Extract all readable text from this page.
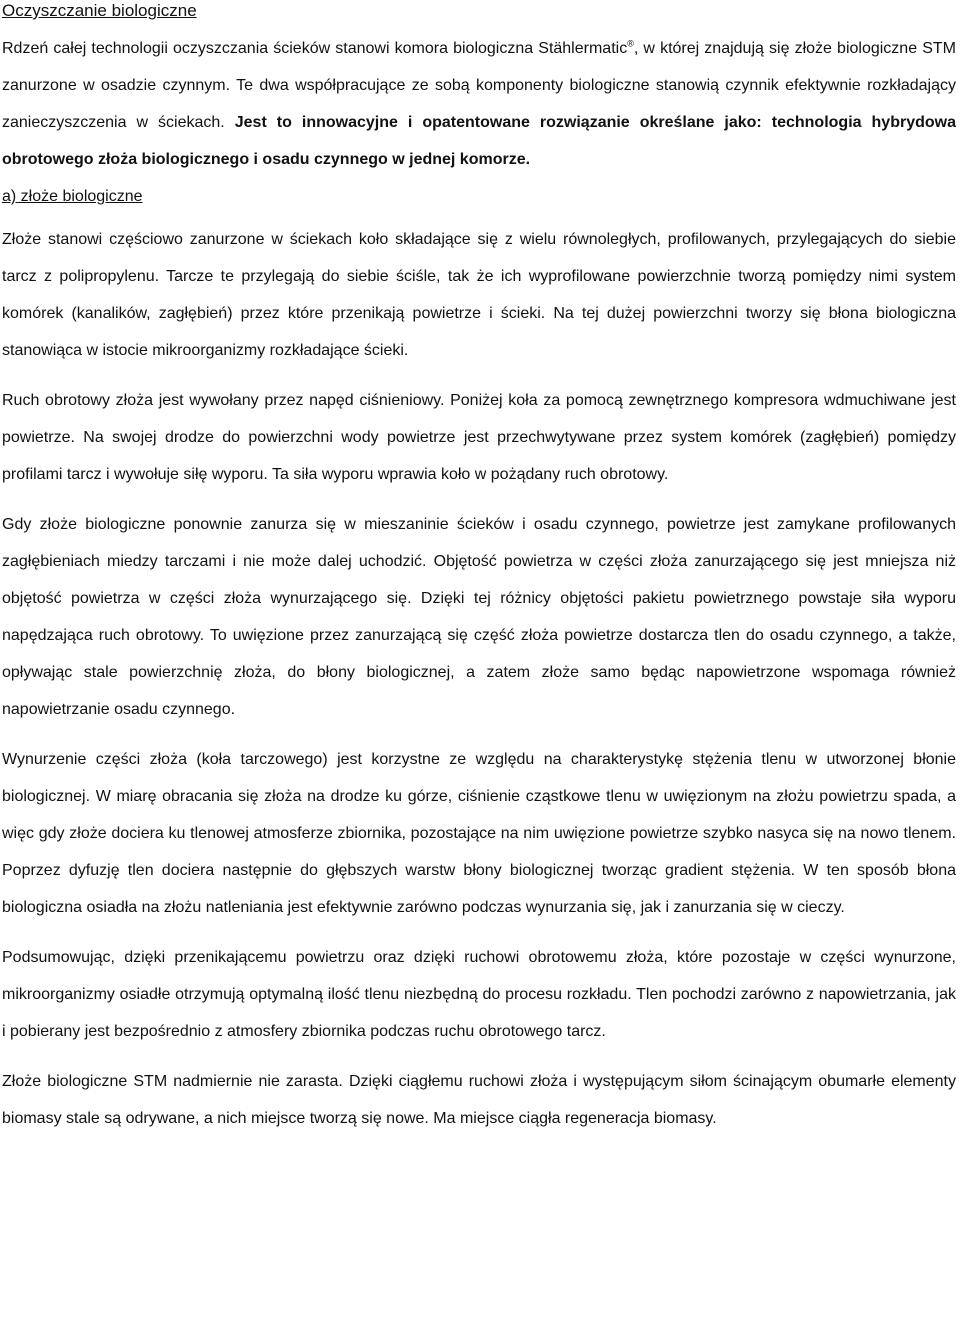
Oczyszczanie biologiczne

Rdzeń całej technologii oczyszczania ścieków stanowi komora biologiczna Stählermatic®, w której znajdują się złoże biologiczne STM zanurzone w osadzie czynnym. Te dwa współpracujące ze sobą komponenty biologiczne stanowią czynnik efektywnie rozkładający zanieczyszczenia w ściekach. Jest to innowacyjne i opatentowane rozwiązanie określane jako: technologia hybrydowa obrotowego złoża biologicznego i osadu czynnego w jednej komorze.

a) złoże biologiczne

Złoże stanowi częściowo zanurzone w ściekach koło składające się z wielu równoległych, profilowanych, przylegających do siebie tarcz z polipropylenu. Tarcze te przylegają do siebie ściśle, tak że ich wyprofilowane powierzchnie tworzą pomiędzy nimi system komórek (kanalików, zagłębień) przez które przenikają powietrze i ścieki. Na tej dużej powierzchni tworzy się błona biologiczna stanowiąca w istocie mikroorganizmy rozkładające ścieki.

Ruch obrotowy złoża jest wywołany przez napęd ciśnieniowy. Poniżej koła za pomocą zewnętrznego kompresora wdmuchiwane jest powietrze. Na swojej drodze do powierzchni wody powietrze jest przechwytywane przez system komórek (zagłębień) pomiędzy profilami tarcz i wywołuje siłę wyporu. Ta siła wyporu wprawia koło w pożądany ruch obrotowy.

Gdy złoże biologiczne ponownie zanurza się w mieszaninie ścieków i osadu czynnego, powietrze jest zamykane profilowanych zagłębieniach miedzy tarczami i nie może dalej uchodzić. Objętość powietrza w części złoża zanurzającego się jest mniejsza niż objętość powietrza w części złoża wynurzającego się. Dzięki tej różnicy objętości pakietu powietrznego powstaje siła wyporu napędzająca ruch obrotowy. To uwięzione przez zanurzającą się część złoża powietrze dostarcza tlen do osadu czynnego, a także, opływając stale powierzchnię złoża, do błony biologicznej, a zatem złoże samo będąc napowietrzone wspomaga również napowietrzanie osadu czynnego.

Wynurzenie części złoża (koła tarczowego) jest korzystne ze względu na charakterystykę stężenia tlenu w utworzonej błonie biologicznej. W miarę obracania się złoża na drodze ku górze, ciśnienie cząstkowe tlenu w uwięzionym na złożu powietrzu spada, a więc gdy złoże dociera ku tlenowej atmosferze zbiornika, pozostające na nim uwięzione powietrze szybko nasyca się na nowo tlenem. Poprzez dyfuzję tlen dociera następnie do głębszych warstw błony biologicznej tworząc gradient stężenia. W ten sposób błona biologiczna osiadła na złożu natleniania jest efektywnie zarówno podczas wynurzania się, jak i zanurzania się w cieczy.

Podsumowując, dzięki przenikającemu powietrzu oraz dzięki ruchowi obrotowemu złoża, które pozostaje w części wynurzone, mikroorganizmy osiadłe otrzymują optymalną ilość tlenu niezbędną do procesu rozkładu. Tlen pochodzi zarówno z napowietrzania, jak i pobierany jest bezpośrednio z atmosfery zbiornika podczas ruchu obrotowego tarcz.

Złoże biologiczne STM nadmiernie nie zarasta. Dzięki ciągłemu ruchowi złoża i występującym siłom ścinającym obumarłe elementy biomasy stale są odrywane, a nich miejsce tworzą się nowe. Ma miejsce ciągła regeneracja biomasy.
